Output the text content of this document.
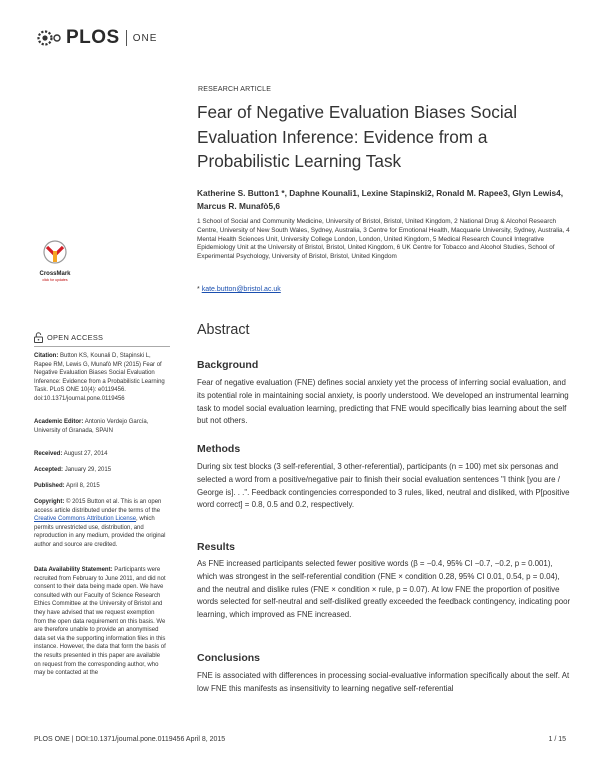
PLOS ONE
RESEARCH ARTICLE
Fear of Negative Evaluation Biases Social Evaluation Inference: Evidence from a Probabilistic Learning Task
Katherine S. Button1 *, Daphne Kounali1, Lexine Stapinski2, Ronald M. Rapee3, Glyn Lewis4, Marcus R. Munafò5,6
1 School of Social and Community Medicine, University of Bristol, Bristol, United Kingdom, 2 National Drug & Alcohol Research Centre, University of New South Wales, Sydney, Australia, 3 Centre for Emotional Health, Macquarie University, Sydney, Australia, 4 Mental Health Sciences Unit, University College London, London, United Kingdom, 5 Medical Research Council Integrative Epidemiology Unit at the University of Bristol, Bristol, United Kingdom, 6 UK Centre for Tobacco and Alcohol Studies, School of Experimental Psychology, University of Bristol, Bristol, United Kingdom
* kate.button@bristol.ac.uk
CrossMark
click for updates
OPEN ACCESS
Citation: Button KS, Kounali D, Stapinski L, Rapee RM, Lewis G, Munafò MR (2015) Fear of Negative Evaluation Biases Social Evaluation Inference: Evidence from a Probabilistic Learning Task. PLoS ONE 10(4): e0119456. doi:10.1371/journal.pone.0119456
Academic Editor: Antonio Verdejo García, University of Granada, SPAIN
Received: August 27, 2014
Accepted: January 29, 2015
Published: April 8, 2015
Copyright: © 2015 Button et al. This is an open access article distributed under the terms of the Creative Commons Attribution License, which permits unrestricted use, distribution, and reproduction in any medium, provided the original author and source are credited.
Data Availability Statement: Participants were recruited from February to June 2011, and did not consent to their data being made open. We have consulted with our Faculty of Science Research Ethics Committee at the University of Bristol and they have advised that we request exemption from the open data requirement on this basis. We are therefore unable to provide an anonymised data set via the supporting information files in this instance. However, the data that form the basis of the results presented in this paper are available on request from the corresponding author, who may be contacted at the
Abstract
Background
Fear of negative evaluation (FNE) defines social anxiety yet the process of inferring social evaluation, and its potential role in maintaining social anxiety, is poorly understood. We developed an instrumental learning task to model social evaluation learning, predicting that FNE would specifically bias learning about the self but not others.
Methods
During six test blocks (3 self-referential, 3 other-referential), participants (n = 100) met six personas and selected a word from a positive/negative pair to finish their social evaluation sentences "I think [you are / George is]. . .". Feedback contingencies corresponded to 3 rules, liked, neutral and disliked, with P[positive word correct] = 0.8, 0.5 and 0.2, respectively.
Results
As FNE increased participants selected fewer positive words (β = −0.4, 95% CI −0.7, −0.2, p = 0.001), which was strongest in the self-referential condition (FNE × condition 0.28, 95% CI 0.01, 0.54, p = 0.04), and the neutral and dislike rules (FNE × condition × rule, p = 0.07). At low FNE the proportion of positive words selected for self-neutral and self-disliked greatly exceeded the feedback contingency, indicating poor learning, which improved as FNE increased.
Conclusions
FNE is associated with differences in processing social-evaluative information specifically about the self. At low FNE this manifests as insensitivity to learning negative self-referential
PLOS ONE | DOI:10.1371/journal.pone.0119456 April 8, 2015	1 / 15
